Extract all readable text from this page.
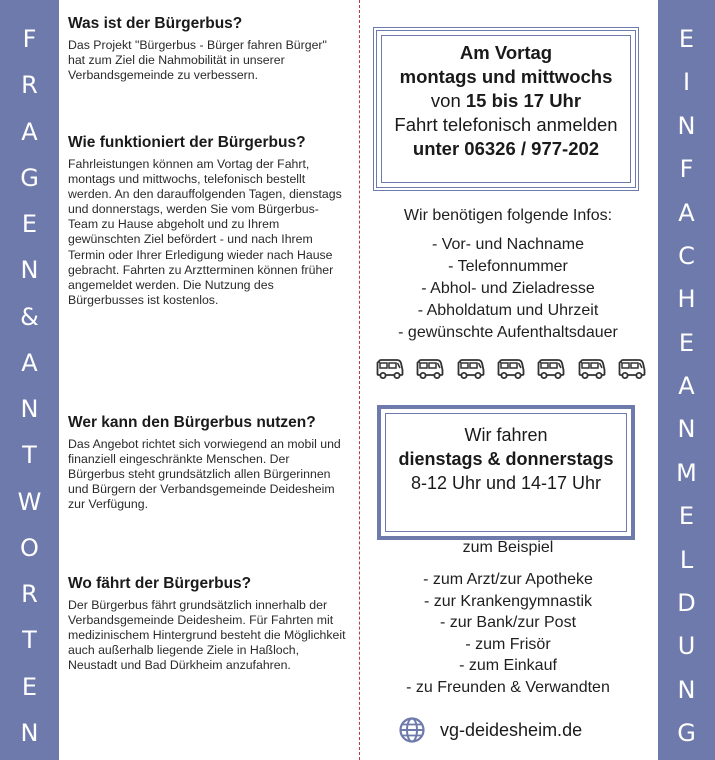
F
R
A
G
E
N
&
A
N
T
W
O
R
T
E
N
E
I
N
F
A
C
H
E
A
N
M
E
L
D
U
N
G
Was ist der Bürgerbus?

Das Projekt "Bürgerbus - Bürger fahren Bürger" hat zum Ziel die Nahmobilität in unserer Verbandsgemeinde zu verbessern.

Wie funktioniert der Bürgerbus?

Fahrleistungen können am Vortag der Fahrt, montags und mittwochs, telefonisch bestellt werden. An den darauffolgenden Tagen, dienstags und donnerstags, werden Sie vom Bürgerbus-Team zu Hause abgeholt und zu Ihrem gewünschten Ziel befördert - und nach Ihrem Termin oder Ihrer Erledigung wieder nach Hause gebracht. Fahrten zu Arztterminen können früher angemeldet werden. Die Nutzung des Bürgerbusses ist kostenlos.

Wer kann den Bürgerbus nutzen?

Das Angebot richtet sich vorwiegend an mobil und finanziell eingeschränkte Menschen. Der Bürgerbus steht grundsätzlich allen Bürgerinnen und Bürgern der Verbandsgemeinde Deidesheim zur Verfügung.

Wo fährt der Bürgerbus?

Der Bürgerbus fährt grundsätzlich innerhalb der Verbandsgemeinde Deidesheim. Für Fahrten mit medizinischem Hintergrund besteht die Möglichkeit auch außerhalb liegende Ziele in Haßloch, Neustadt und Bad Dürkheim anzufahren.

Am Vortag
montags und mittwochs
von 15 bis 17 Uhr
Fahrt telefonisch anmelden
unter 06326 / 977-202
Wir benötigen folgende Infos:
- Vor- und Nachname
- Telefonnummer
- Abhol- und Zieladresse
- Abholdatum und Uhrzeit
- gewünschte Aufenthaltsdauer
Wir fahren
dienstags & donnerstags
8-12 Uhr und 14-17 Uhr
zum Beispiel
- zum Arzt/zur Apotheke
- zur Krankengymnastik
- zur Bank/zur Post
- zum Frisör
- zum Einkauf
- zu Freunden & Verwandten
vg-deidesheim.de
